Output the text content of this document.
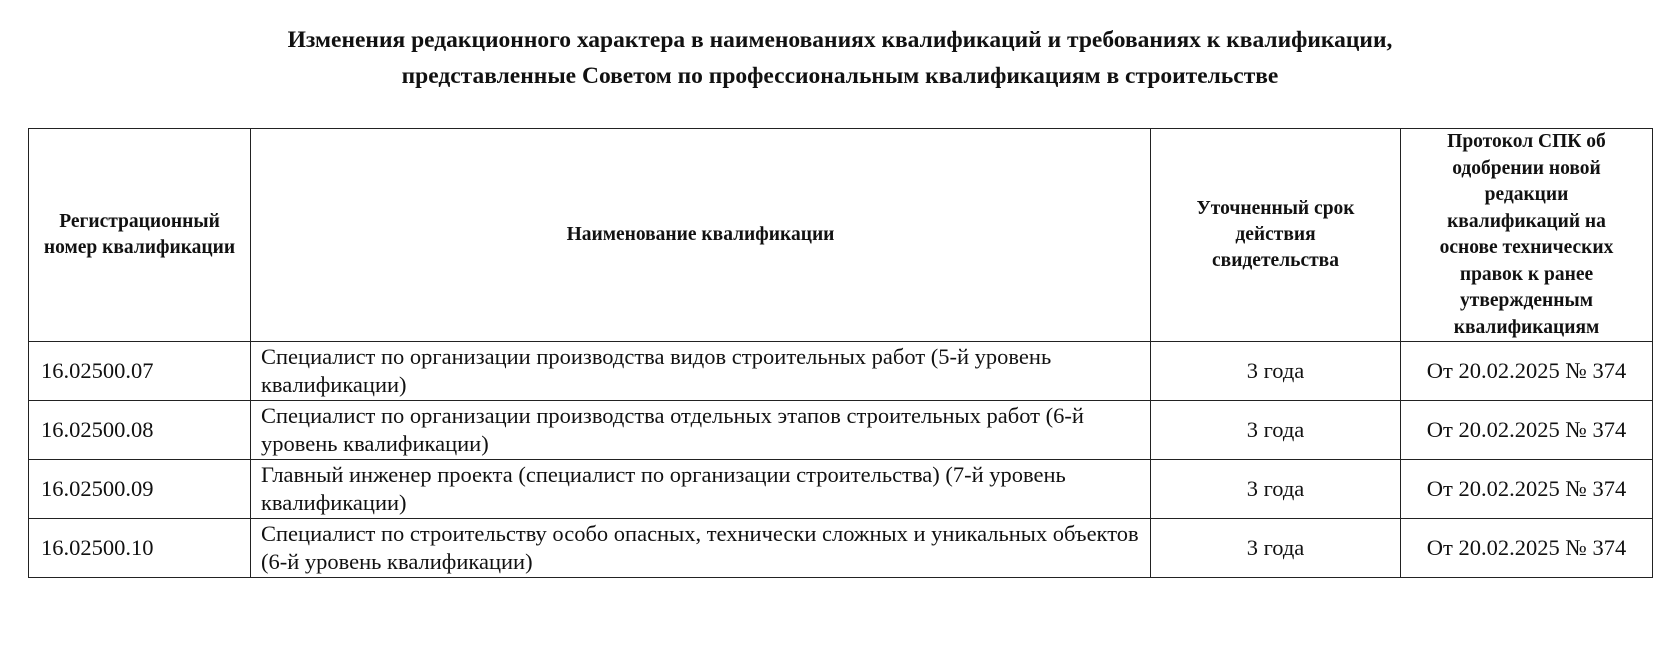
Изменения редакционного характера в наименованиях квалификаций и требованиях к квалификации,
представленные Советом по профессиональным квалификациям в строительстве
Регистрационный номер квалификации	Наименование квалификации	Уточненный срок действия свидетельства	Протокол СПК об одобрении новой редакции квалификаций на основе технических правок к ранее утвержденным квалификациям

16.02500.07	Специалист по организации производства видов строительных работ (5-й уровень квалификации)	3 года	От 20.02.2025 № 374
16.02500.08	Специалист по организации производства отдельных этапов строительных работ (6-й уровень квалификации)	3 года	От 20.02.2025 № 374
16.02500.09	Главный инженер проекта (специалист по организации строительства) (7-й уровень квалификации)	3 года	От 20.02.2025 № 374
16.02500.10	Специалист по строительству особо опасных, технически сложных и уникальных объектов (6-й уровень квалификации)	3 года	От 20.02.2025 № 374
